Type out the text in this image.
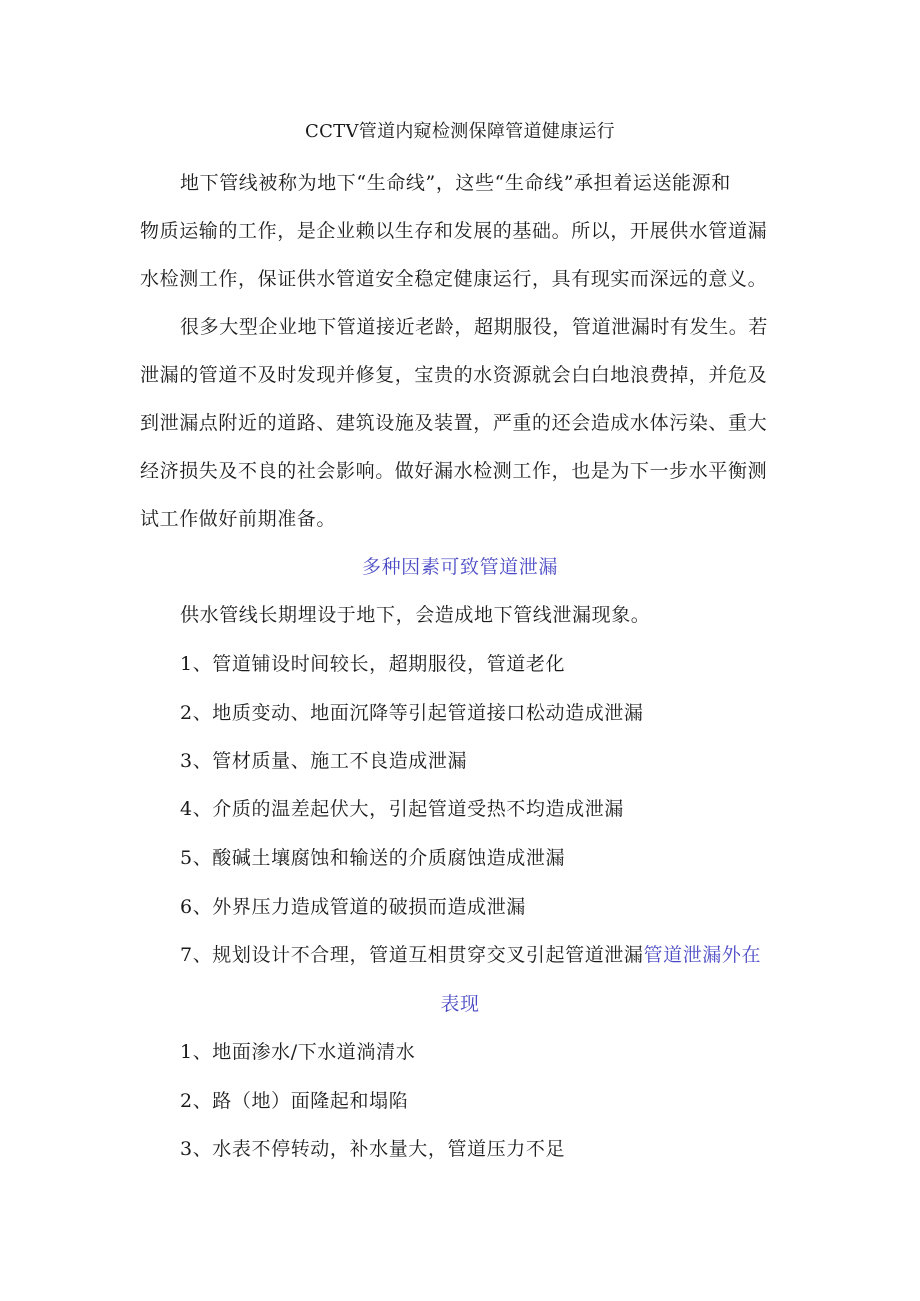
CCTV管道内窥检测保障管道健康运行
地下管线被称为地下“生命线”，这些“生命线”承担着运送能源和
物质运输的工作，是企业赖以生存和发展的基础。所以，开展供水管道漏
水检测工作，保证供水管道安全稳定健康运行，具有现实而深远的意义。
很多大型企业地下管道接近老龄，超期服役，管道泄漏时有发生。若
泄漏的管道不及时发现并修复，宝贵的水资源就会白白地浪费掉，并危及
到泄漏点附近的道路、建筑设施及装置，严重的还会造成水体污染、重大
经济损失及不良的社会影响。做好漏水检测工作，也是为下一步水平衡测
试工作做好前期准备。
多种因素可致管道泄漏
供水管线长期埋设于地下，会造成地下管线泄漏现象。
1、管道铺设时间较长，超期服役，管道老化
2、地质变动、地面沉降等引起管道接口松动造成泄漏
3、管材质量、施工不良造成泄漏
4、介质的温差起伏大，引起管道受热不均造成泄漏
5、酸碱土壤腐蚀和输送的介质腐蚀造成泄漏
6、外界压力造成管道的破损而造成泄漏
7、规划设计不合理，管道互相贯穿交叉引起管道泄漏管道泄漏外在
表现
1、地面渗水/下水道淌清水
2、路（地）面隆起和塌陷
3、水表不停转动，补水量大，管道压力不足
